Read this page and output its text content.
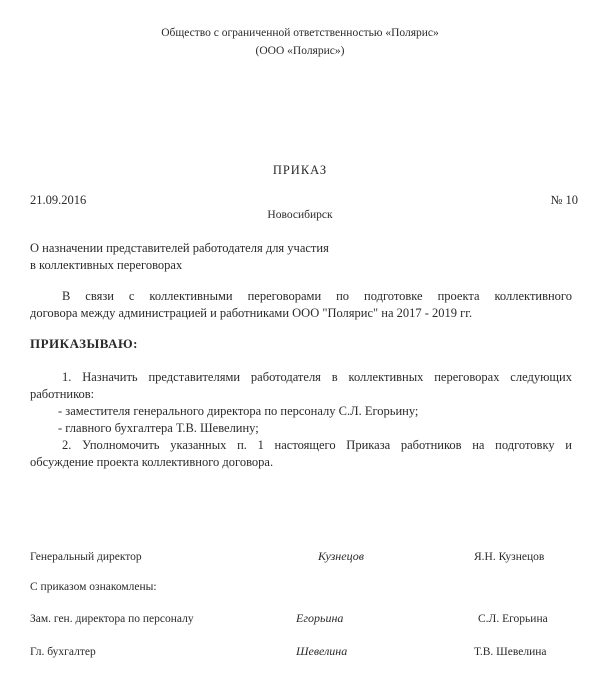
Общество с ограниченной ответственностью «Полярис»
(ООО «Полярис»)
ПРИКАЗ
21.09.2016	№ 10
Новосибирск
О назначении представителей работодателя для участия
в коллективных переговорах
В связи с коллективными переговорами по подготовке проекта коллективного
договора между администрацией и работниками ООО "Полярис" на 2017 - 2019 гг.
ПРИКАЗЫВАЮ:
1. Назначить представителями работодателя в коллективных переговорах следующих
работников:
- заместителя генерального директора по персоналу С.Л. Егорьину;
- главного бухгалтера Т.В. Шевелину;
2. Уполномочить указанных п. 1 настоящего Приказа работников на подготовку и
обсуждение проекта коллективного договора.
Генеральный директор	Кузнецов	Я.Н. Кузнецов
С приказом ознакомлены:
Зам. ген. директора по персоналу	Егорьина	С.Л. Егорьина
Гл. бухгалтер	Шевелина	Т.В. Шевелина
